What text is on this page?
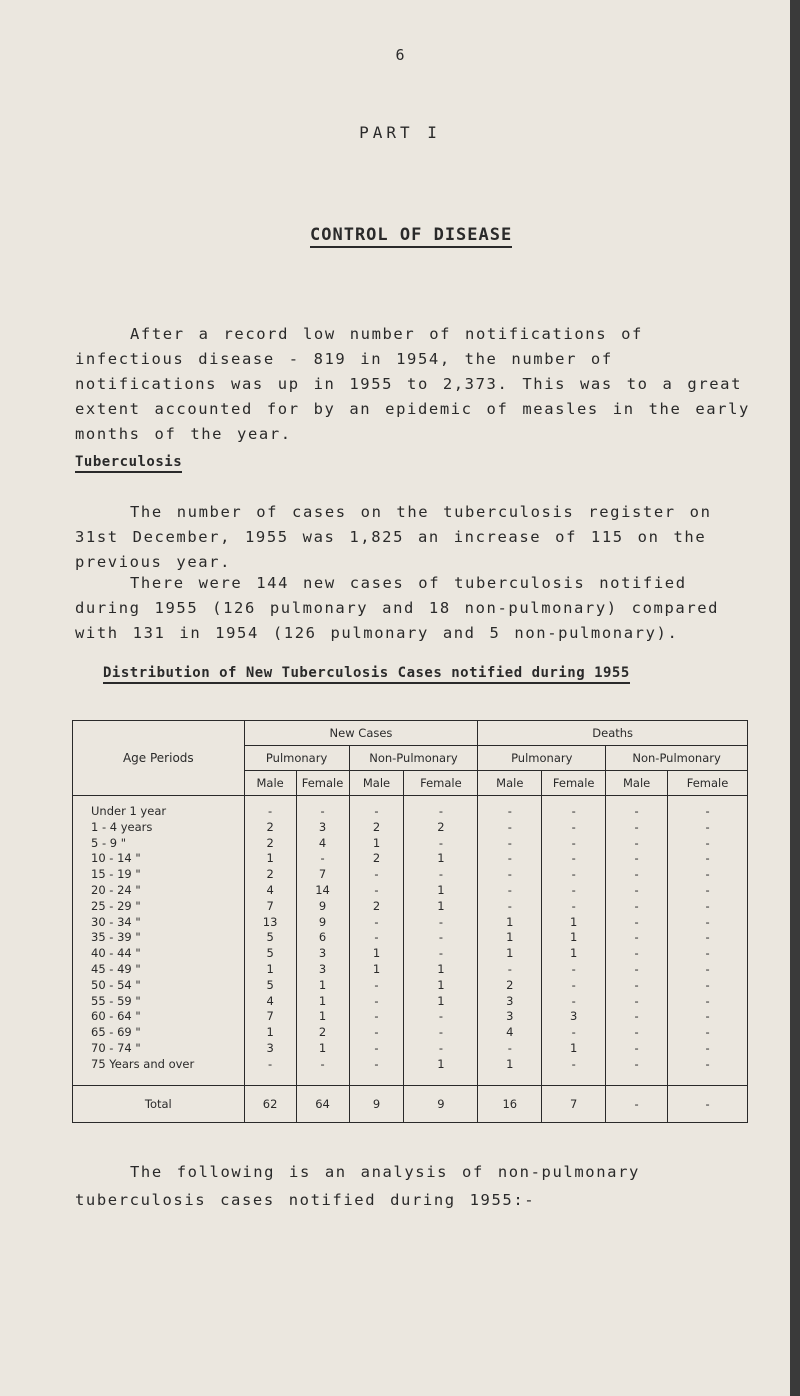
6
PART I
CONTROL OF DISEASE
After a record low number of notifications of infectious disease - 819 in 1954, the number of notifications was up in 1955 to 2,373. This was to a great extent accounted for by an epidemic of measles in the early months of the year.
Tuberculosis
The number of cases on the tuberculosis register on 31st December, 1955 was 1,825 an increase of 115 on the previous year.
There were 144 new cases of tuberculosis notified during 1955 (126 pulmonary and 18 non-pulmonary) compared with 131 in 1954 (126 pulmonary and 5 non-pulmonary).
Distribution of New Tuberculosis Cases notified during 1955
Age Periods	New Cases				Deaths			
	Pulmonary		Non-Pulmonary		Pulmonary		Non-Pulmonary	
	Male	Female	Male	Female	Male	Female	Male	Female
Under 1 year	-	-	-	-	-	-	-	-
1 - 4 years	2	3	2	2	-	-	-	-
5 - 9 "	2	4	1	-	-	-	-	-
10 - 14 "	1	-	2	1	-	-	-	-
15 - 19 "	2	7	-	-	-	-	-	-
20 - 24 "	4	14	-	1	-	-	-	-
25 - 29 "	7	9	2	1	-	-	-	-
30 - 34 "	13	9	-	-	1	1	-	-
35 - 39 "	5	6	-	-	1	1	-	-
40 - 44 "	5	3	1	-	1	1	-	-
45 - 49 "	1	3	1	1	-	-	-	-
50 - 54 "	5	1	-	1	2	-	-	-
55 - 59 "	4	1	-	1	3	-	-	-
60 - 64 "	7	1	-	-	3	3	-	-
65 - 69 "	1	2	-	-	4	-	-	-
70 - 74 "	3	1	-	-	-	1	-	-
75 Years and over	-	-	-	1	1	-	-	-
Total	62	64	9	9	16	7	-	-
The following is an analysis of non-pulmonary tuberculosis cases notified during 1955:-
